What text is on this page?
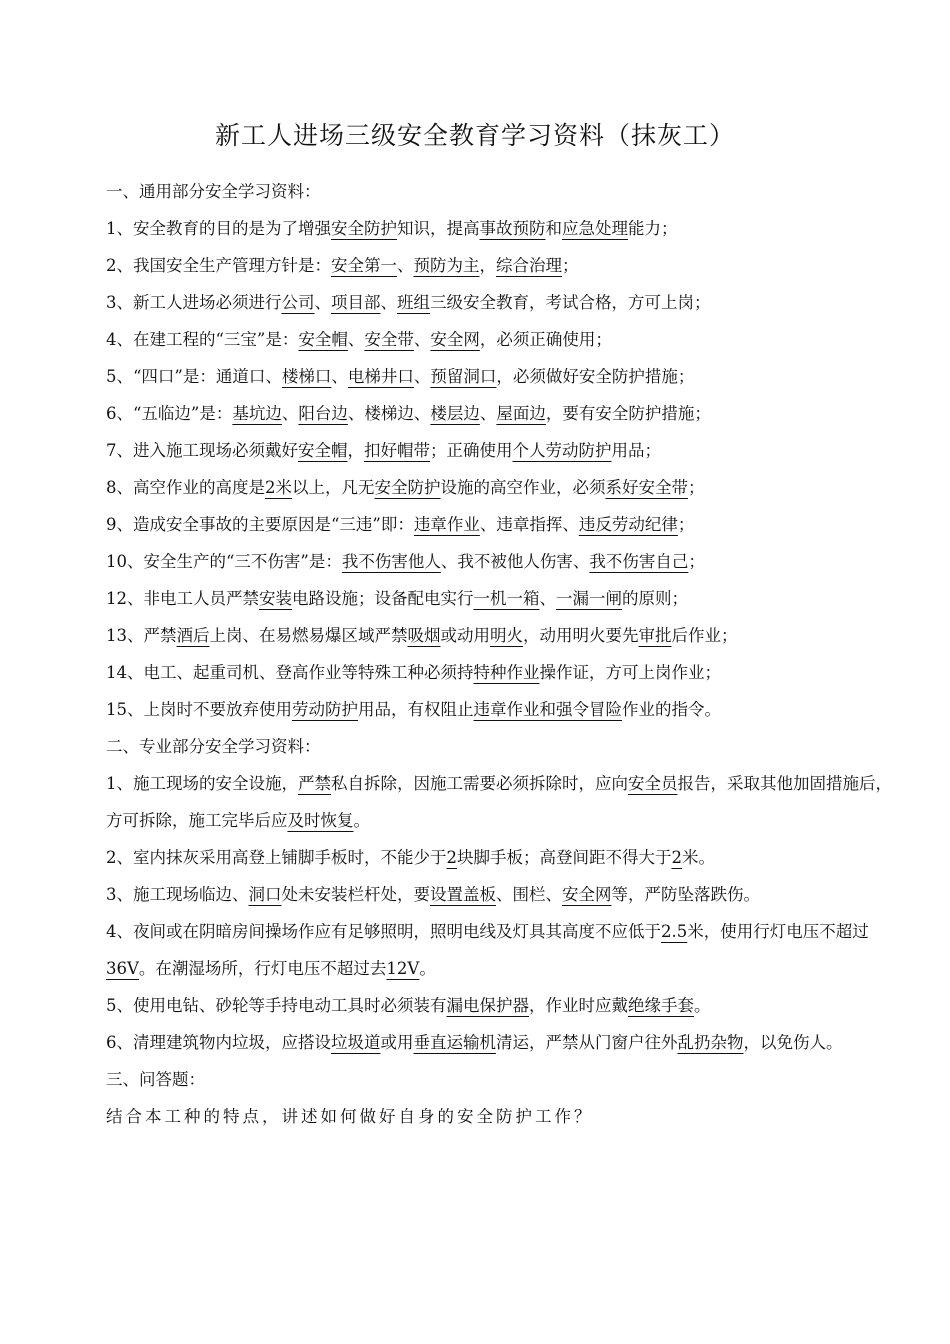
新工人进场三级安全教育学习资料（抹灰工）
一、通用部分安全学习资料：
1、安全教育的目的是为了增强安全防护知识，提高事故预防和应急处理能力；
2、我国安全生产管理方针是：安全第一、预防为主，综合治理；
3、新工人进场必须进行公司、项目部、班组三级安全教育，考试合格，方可上岗；
4、在建工程的“三宝”是：安全帽、安全带、安全网，必须正确使用；
5、“四口”是：通道口、楼梯口、电梯井口、预留洞口，必须做好安全防护措施；
6、“五临边”是：基坑边、阳台边、楼梯边、楼层边、屋面边，要有安全防护措施；
7、进入施工现场必须戴好安全帽，扣好帽带；正确使用个人劳动防护用品；
8、高空作业的高度是2米以上，凡无安全防护设施的高空作业，必须系好安全带；
9、造成安全事故的主要原因是“三违”即：违章作业、违章指挥、违反劳动纪律；
10、安全生产的“三不伤害”是：我不伤害他人、我不被他人伤害、我不伤害自己；
12、非电工人员严禁安装电路设施；设备配电实行一机一箱、一漏一闸的原则；
13、严禁酒后上岗、在易燃易爆区域严禁吸烟或动用明火，动用明火要先审批后作业；
14、电工、起重司机、登高作业等特殊工种必须持特种作业操作证，方可上岗作业；
15、上岗时不要放弃使用劳动防护用品，有权阻止违章作业和强令冒险作业的指令。
二、专业部分安全学习资料：
1、施工现场的安全设施，严禁私自拆除，因施工需要必须拆除时，应向安全员报告，采取其他加固措施后，方可拆除，施工完毕后应及时恢复。
2、室内抹灰采用高登上铺脚手板时，不能少于2块脚手板；高登间距不得大于2米。
3、施工现场临边、洞口处未安装栏杆处，要设置盖板、围栏、安全网等，严防坠落跌伤。
4、夜间或在阴暗房间操场作应有足够照明，照明电线及灯具其高度不应低于2.5米，使用行灯电压不超过36V。在潮湿场所，行灯电压不超过去12V。
5、使用电钻、砂轮等手持电动工具时必须装有漏电保护器，作业时应戴绝缘手套。
6、清理建筑物内垃圾，应搭设垃圾道或用垂直运输机清运，严禁从门窗户往外乱扔杂物，以免伤人。
三、问答题：
结合本工种的特点，讲述如何做好自身的安全防护工作？
